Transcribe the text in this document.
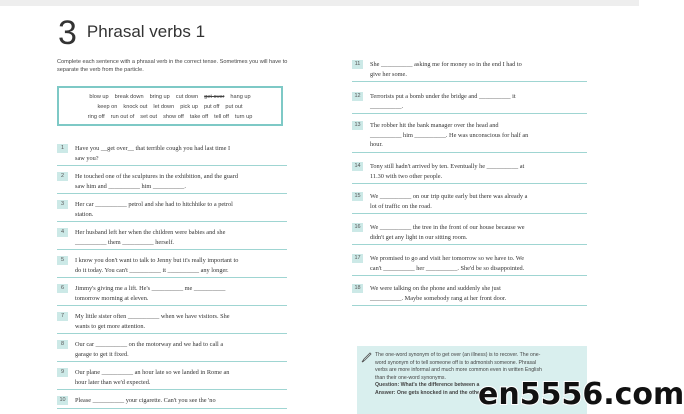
3 Phrasal verbs 1
Complete each sentence with a phrasal verb in the correct tense. Sometimes you will have to separate the verb from the particle.
blow up break down bring up cut down get over hang up
keep on knock out let down pick up put off put out
ring off run out of set out show off take off tell off turn up
1	Have you __get over__ that terrible cough you had last time I
saw you?
2	He touched one of the sculptures in the exhibition, and the guard
saw him and __________ him __________.
3	Her car __________ petrol and she had to hitchhike to a petrol
station.
4	Her husband left her when the children were babies and she
__________ them __________ herself.
5	I know you don't want to talk to Jenny but it's really important to
do it today. You can't __________ it __________ any longer.
6	Jimmy's giving me a lift. He's __________ me __________
tomorrow morning at eleven.
7	My little sister often __________ when we have visitors. She
wants to get more attention.
8	Our car __________ on the motorway and we had to call a
garage to get it fixed.
9	Our plane __________ an hour late so we landed in Rome an
hour later than we'd expected.
10	Please __________ your cigarette. Can't you see the 'no
11	She __________ asking me for money so in the end I had to
give her some.
12	Terrorists put a bomb under the bridge and __________ it
__________.
13	The robber hit the bank manager over the head and
__________ him __________. He was unconscious for half an
hour.
14	Tony still hadn't arrived by ten. Eventually he __________ at
11.30 with two other people.
15	We __________ on our trip quite early but there was already a
lot of traffic on the road.
16	We __________ the tree in the front of our house because we
didn't get any light in our sitting room.
17	We promised to go and visit her tomorrow so we have to. We
can't __________ her __________. She'd be so disappointed.
18	We were talking on the phone and suddenly she just
__________. Maybe somebody rang at her front door.
The one-word synonym of to get over (an illness) is to recover. The one-
word synonym of to tell someone off is to admonish someone. Phrasal
verbs are more informal and much more common even in written English
than their one-word synonyms.
Question: What's the difference between a
Answer: One gets knocked in and the other
en5556.com
